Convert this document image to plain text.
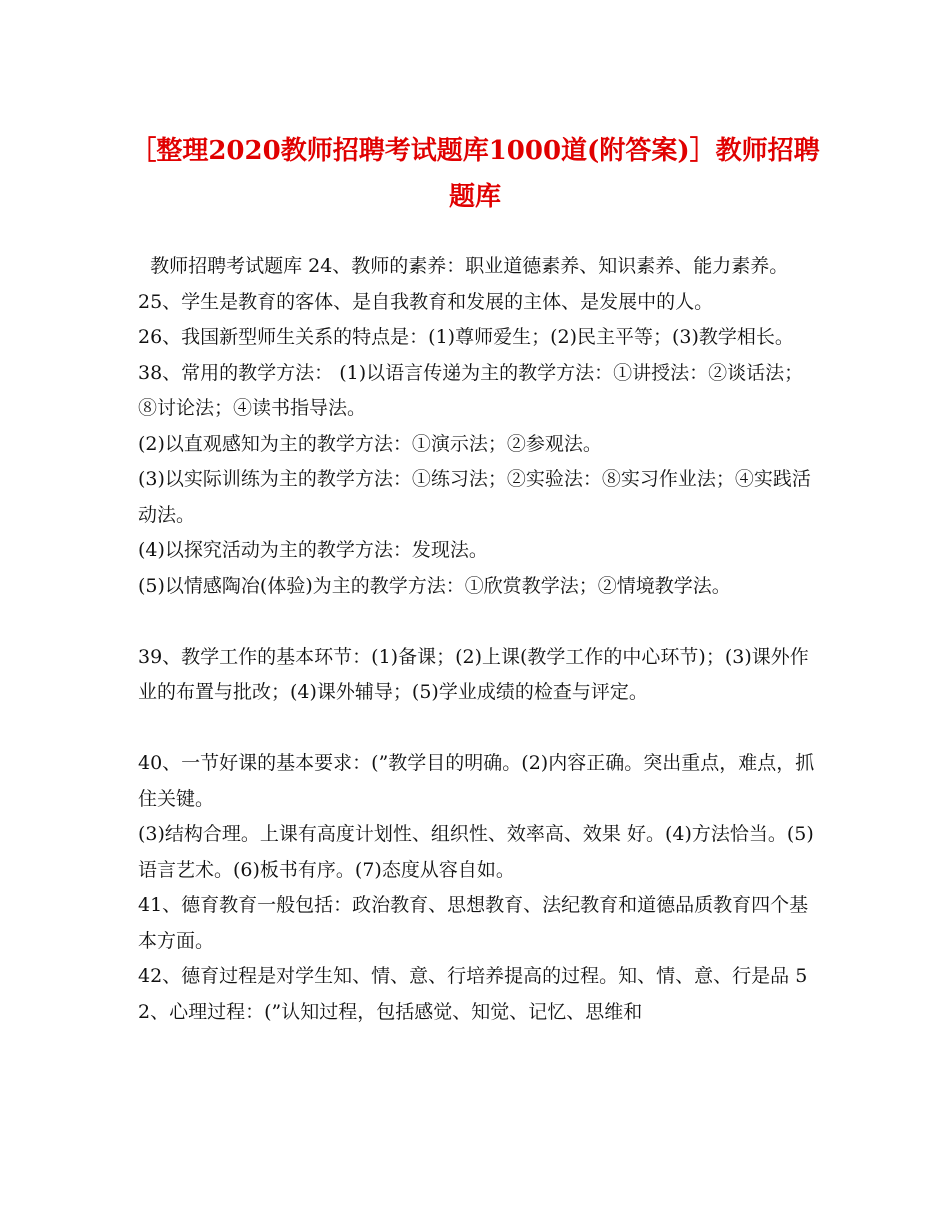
［整理2020教师招聘考试题库1000道(附答案)］教师招聘题库

教师招聘考试题库 24、教师的素养：职业道德素养、知识素养、能力素养。

25、学生是教育的客体、是自我教育和发展的主体、是发展中的人。

26、我国新型师生关系的特点是：(1)尊师爱生；(2)民主平等；(3)教学相长。

38、常用的教学方法： (1)以语言传递为主的教学方法：①讲授法：②谈话法；⑧讨论法；④读书指导法。

(2)以直观感知为主的教学方法：①演示法；②参观法。

(3)以实际训练为主的教学方法：①练习法；②实验法：⑧实习作业法；④实践活动法。

(4)以探究活动为主的教学方法：发现法。

(5)以情感陶冶(体验)为主的教学方法：①欣赏教学法；②情境教学法。

39、教学工作的基本环节：(1)备课；(2)上课(教学工作的中心环节)；(3)课外作业的布置与批改；(4)课外辅导；(5)学业成绩的检查与评定。

40、一节好课的基本要求：(”教学目的明确。(2)内容正确。突出重点，难点，抓住关键。

(3)结构合理。上课有高度计划性、组织性、效率高、效果 好。(4)方法恰当。(5)语言艺术。(6)板书有序。(7)态度从容自如。

41、德育教育一般包括：政治教育、思想教育、法纪教育和道德品质教育四个基本方面。

42、德育过程是对学生知、情、意、行培养提高的过程。知、情、意、行是品 52、心理过程：(”认知过程，包括感觉、知觉、记忆、思维和
